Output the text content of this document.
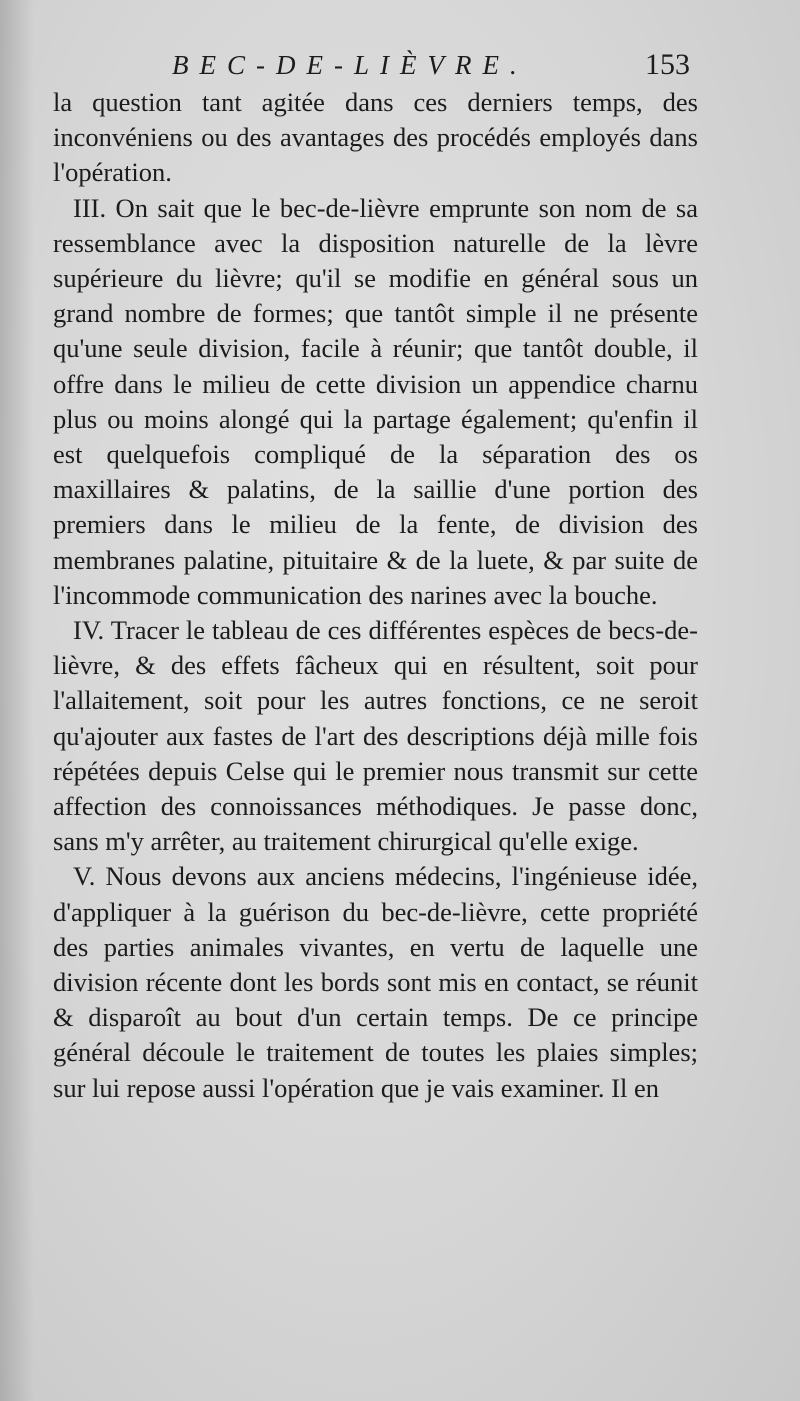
BEC-DE-LIÈVRE.	153

la question tant agitée dans ces derniers temps, des inconvéniens ou des avantages des procédés employés dans l'opération.

III. On sait que le bec-de-lièvre emprunte son nom de sa ressemblance avec la disposition naturelle de la lèvre supérieure du lièvre; qu'il se modifie en général sous un grand nombre de formes; que tantôt simple il ne présente qu'une seule division, facile à réunir; que tantôt double, il offre dans le milieu de cette division un appendice charnu plus ou moins alongé qui la partage également; qu'enfin il est quelquefois compliqué de la séparation des os maxillaires & palatins, de la saillie d'une portion des premiers dans le milieu de la fente, de division des membranes palatine, pituitaire & de la luete, & par suite de l'incommode communication des narines avec la bouche.

IV. Tracer le tableau de ces différentes espèces de becs-de-lièvre, & des effets fâcheux qui en résultent, soit pour l'allaitement, soit pour les autres fonctions, ce ne seroit qu'ajouter aux fastes de l'art des descriptions déjà mille fois répétées depuis Celse qui le premier nous transmit sur cette affection des connoissances méthodiques. Je passe donc, sans m'y arrêter, au traitement chirurgical qu'elle exige.

V. Nous devons aux anciens médecins, l'ingénieuse idée, d'appliquer à la guérison du bec-de-lièvre, cette propriété des parties animales vivantes, en vertu de laquelle une division récente dont les bords sont mis en contact, se réunit & disparoît au bout d'un certain temps. De ce principe général découle le traitement de toutes les plaies simples; sur lui repose aussi l'opération que je vais examiner. Il en
